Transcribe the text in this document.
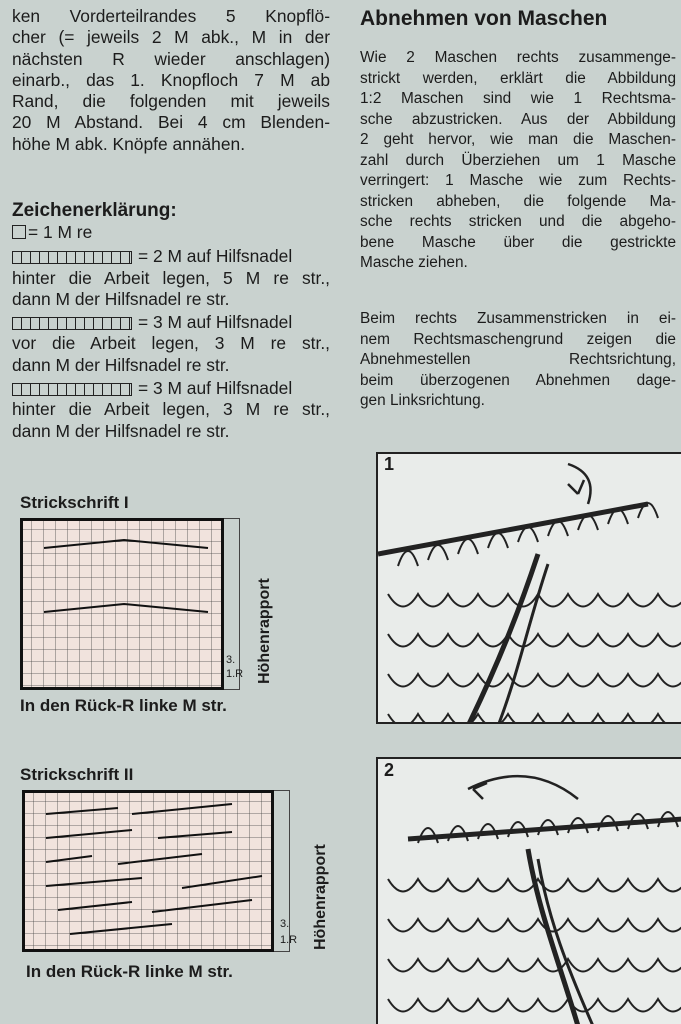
ken Vorderteilrandes 5 Knopflö-
cher (= jeweils 2 M abk., M in der
nächsten R wieder anschlagen)
einarb., das 1. Knopfloch 7 M ab
Rand, die folgenden mit jeweils
20 M Abstand. Bei 4 cm Blenden-
höhe M abk. Knöpfe annähen.
Zeichenerklärung:
= 1 M re
= 2 M auf Hilfsnadel
hinter die Arbeit legen, 5 M re str.,
dann M der Hilfsnadel re str.
= 3 M auf Hilfsnadel
vor die Arbeit legen, 3 M re str.,
dann M der Hilfsnadel re str.
= 3 M auf Hilfsnadel
hinter die Arbeit legen, 3 M re str.,
dann M der Hilfsnadel re str.
Strickschrift I
3.
1.R Höhenrapport
In den Rück-R linke M str.
Strickschrift II
3.
1.R Höhenrapport
In den Rück-R linke M str.
Abnehmen von Maschen
Wie 2 Maschen rechts zusammenge-
strickt werden, erklärt die Abbildung
1:2 Maschen sind wie 1 Rechtsma-
sche abzustricken. Aus der Abbildung
2 geht hervor, wie man die Maschen-
zahl durch Überziehen um 1 Masche
verringert: 1 Masche wie zum Rechts-
stricken abheben, die folgende Ma-
sche rechts stricken und die abgeho-
bene Masche über die gestrickte
Masche ziehen.
Beim rechts Zusammenstricken in ei-
nem Rechtsmaschengrund zeigen die
Abnehmestellen Rechtsrichtung,
beim überzogenen Abnehmen dage-
gen Linksrichtung.
1
2
